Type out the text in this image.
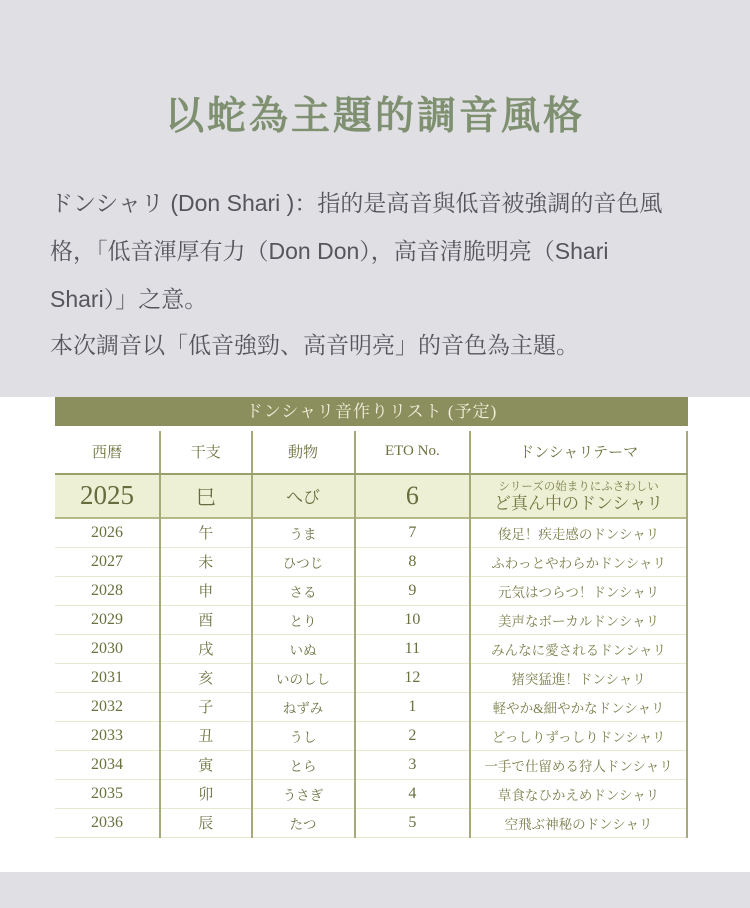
以蛇為主題的調音風格
ドンシャリ (Don Shari )：指的是高音與低音被強調的音色風
格，「低音渾厚有力（Don Don），高音清脆明亮（Shari
Shari）」之意。
本次調音以「低音強勁、高音明亮」的音色為主題。
ドンシャリ音作りリスト (予定)
西暦	干支	動物	ETO No.	ドンシャリテーマ
2025	巳	へび	6	シリーズの始まりにふさわしい
ど真ん中のドンシャリ

2026	午	うま	7	俊足！疾走感のドンシャリ
2027	未	ひつじ	8	ふわっとやわらかドンシャリ
2028	申	さる	9	元気はつらつ！ドンシャリ
2029	酉	とり	10	美声なボーカルドンシャリ
2030	戌	いぬ	11	みんなに愛されるドンシャリ
2031	亥	いのしし	12	猪突猛進！ドンシャリ
2032	子	ねずみ	1	軽やか&細やかなドンシャリ
2033	丑	うし	2	どっしりずっしりドンシャリ
2034	寅	とら	3	一手で仕留める狩人ドンシャリ
2035	卯	うさぎ	4	草食なひかえめドンシャリ
2036	辰	たつ	5	空飛ぶ神秘のドンシャリ
